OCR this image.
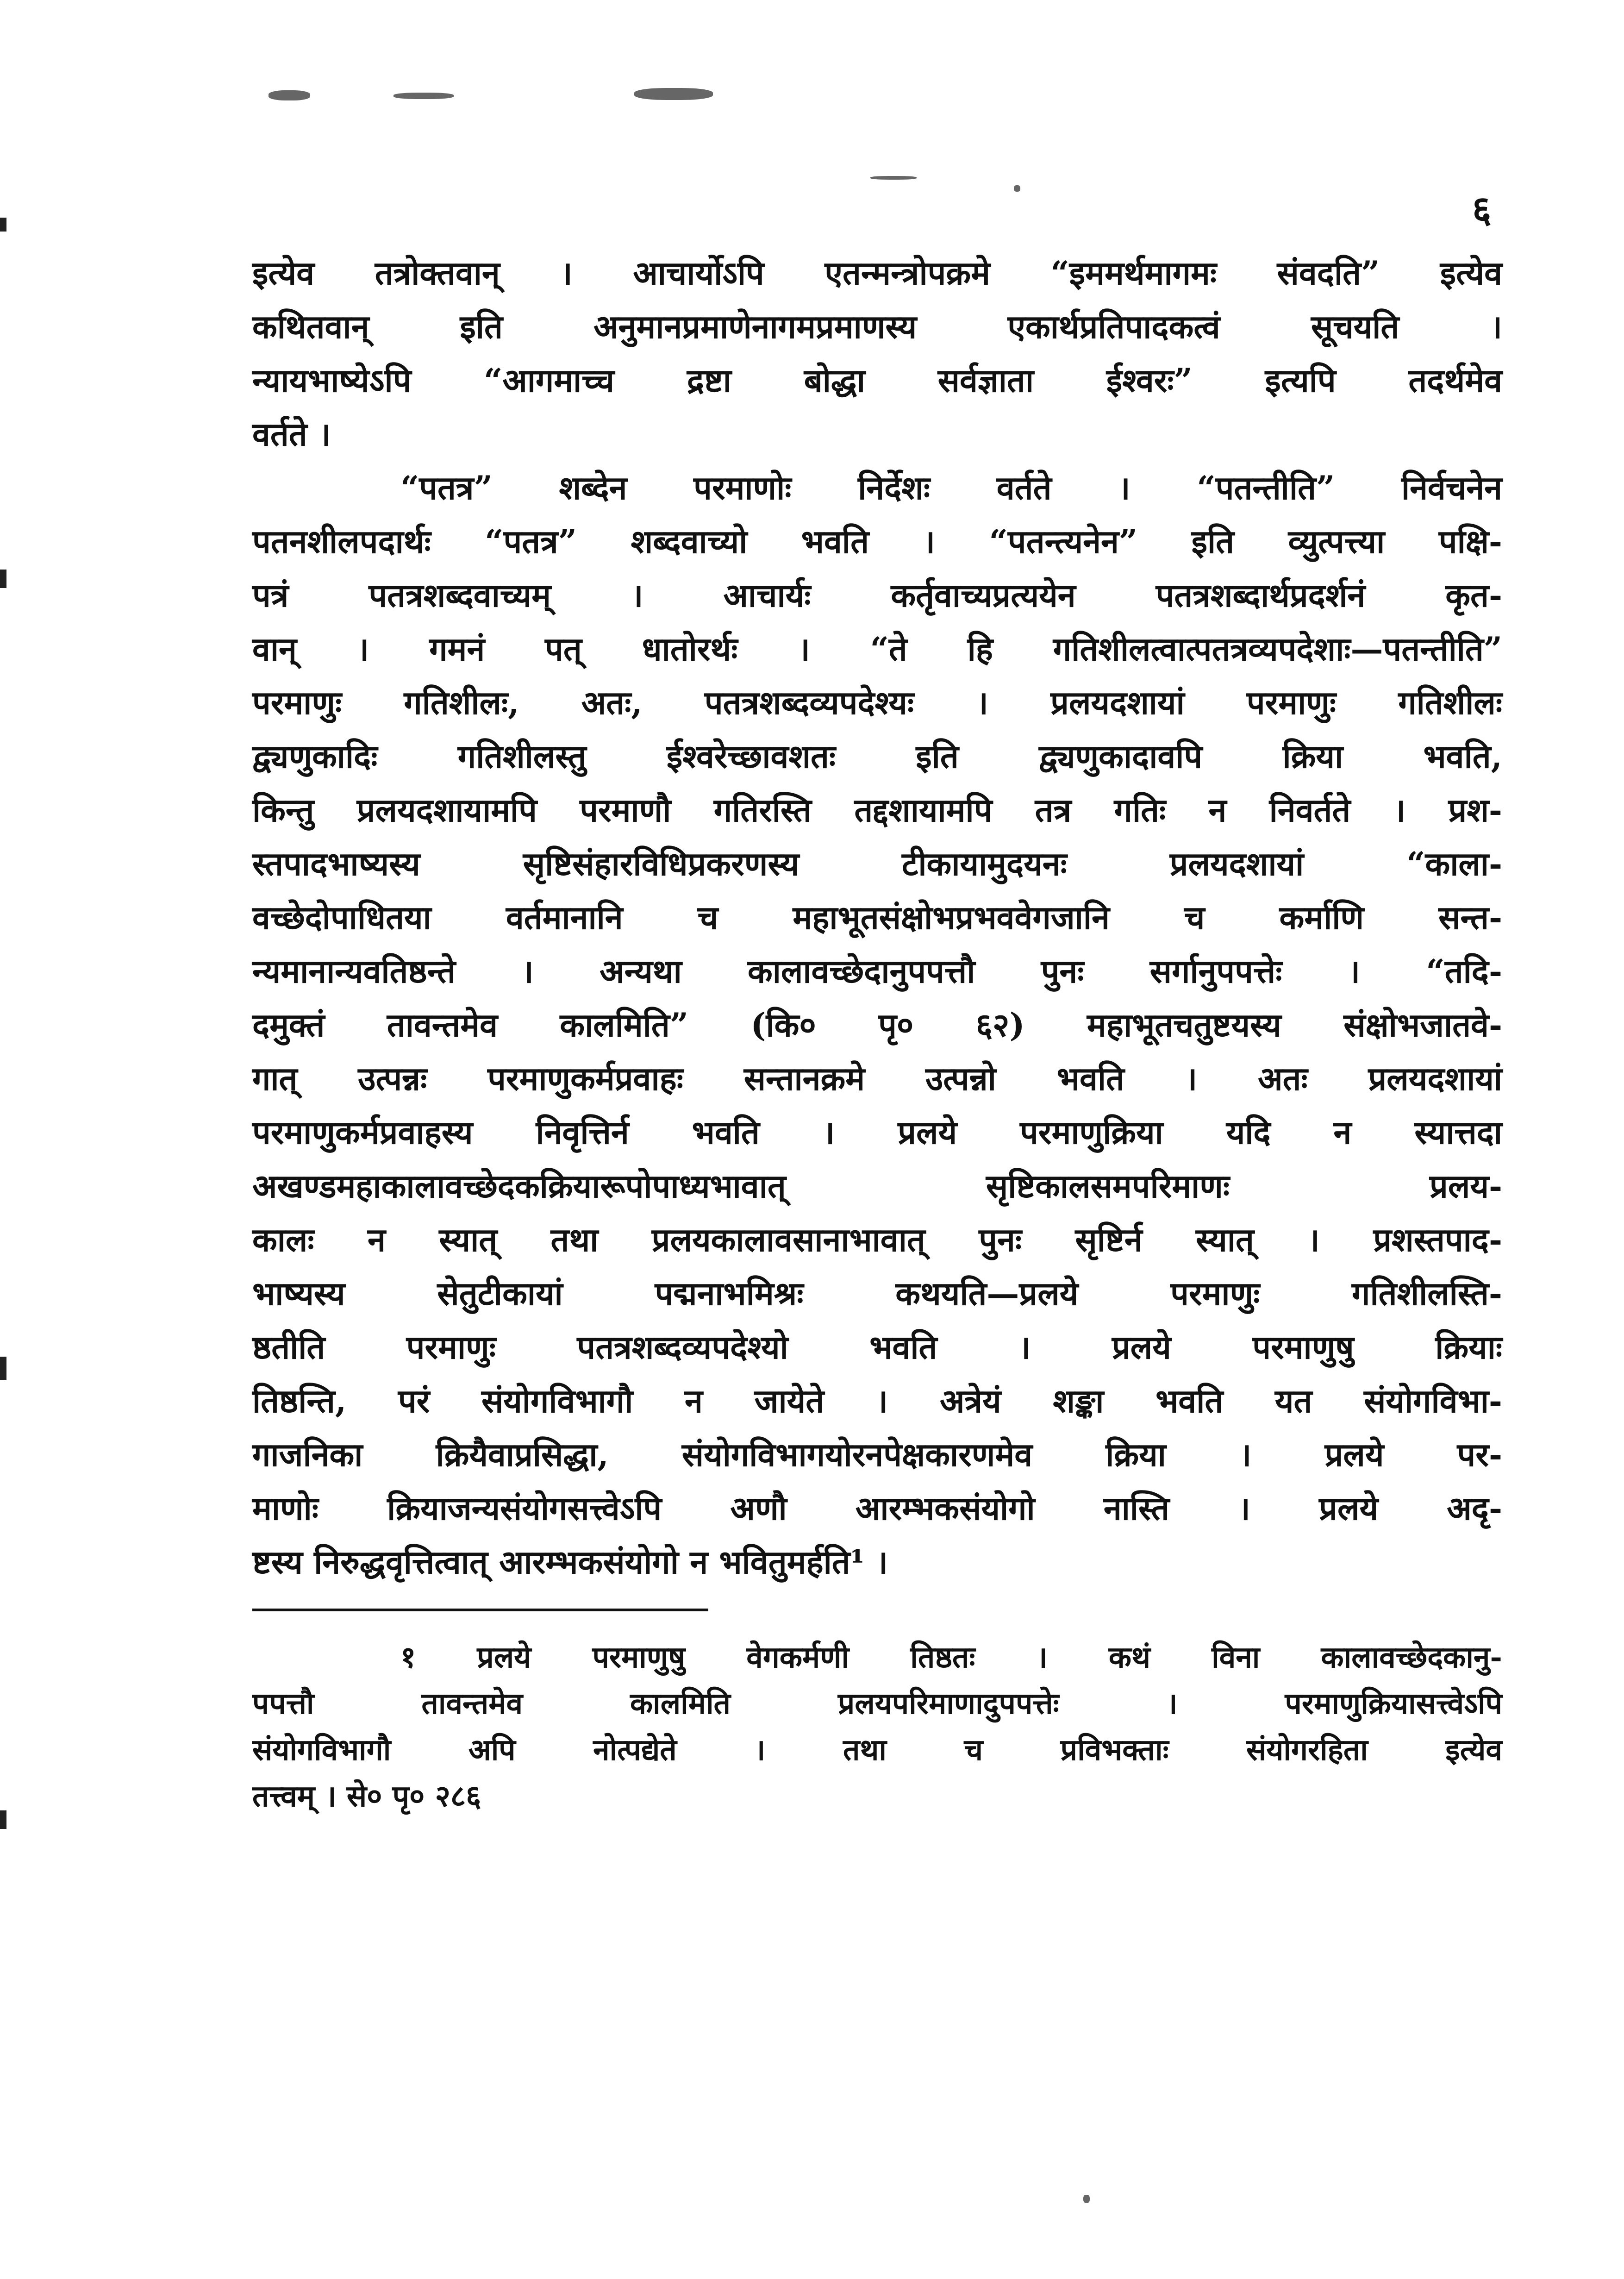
६
इत्येव तत्रोक्तवान् । आचार्योऽपि एतन्मन्त्रोपक्रमे “इममर्थमागमः संवदति” इत्येव
कथितवान् इति अनुमानप्रमाणेनागमप्रमाणस्य एकार्थप्रतिपादकत्वं सूचयति ।
न्यायभाष्येऽपि “आगमाच्च द्रष्टा बोद्धा सर्वज्ञाता ईश्वरः” इत्यपि तदर्थमेव
वर्तते ।
“पतत्र” शब्देन परमाणोः निर्देशः वर्तते । “पतन्तीति” निर्वचनेन
पतनशीलपदार्थः “पतत्र” शब्दवाच्यो भवति । “पतन्त्यनेन” इति व्युत्पत्त्या पक्षि-
पत्रं पतत्रशब्दवाच्यम् । आचार्यः कर्तृवाच्यप्रत्ययेन पतत्रशब्दार्थप्रदर्शनं कृत-
वान् । गमनं पत् धातोरर्थः । “ते हि गतिशीलत्वात्पतत्रव्यपदेशाः—पतन्तीति”
परमाणुः गतिशीलः, अतः, पतत्रशब्दव्यपदेश्यः । प्रलयदशायां परमाणुः गतिशीलः
द्व्यणुकादिः गतिशीलस्तु ईश्वरेच्छावशतः इति द्व्यणुकादावपि क्रिया भवति,
किन्तु प्रलयदशायामपि परमाणौ गतिरस्ति तद्दशायामपि तत्र गतिः न निवर्तते । प्रश-
स्तपादभाष्यस्य सृष्टिसंहारविधिप्रकरणस्य टीकायामुदयनः प्रलयदशायां “काला-
वच्छेदोपाधितया वर्तमानानि च महाभूतसंक्षोभप्रभववेगजानि च कर्माणि सन्त-
न्यमानान्यवतिष्ठन्ते । अन्यथा कालावच्छेदानुपपत्तौ पुनः सर्गानुपपत्तेः । “तदि-
दमुक्तं तावन्तमेव कालमिति” (कि० पृ० ६२) महाभूतचतुष्टयस्य संक्षोभजातवे-
गात् उत्पन्नः परमाणुकर्मप्रवाहः सन्तानक्रमे उत्पन्नो भवति । अतः प्रलयदशायां
परमाणुकर्मप्रवाहस्य निवृत्तिर्न भवति । प्रलये परमाणुक्रिया यदि न स्यात्तदा
अखण्डमहाकालावच्छेदकक्रियारूपोपाध्यभावात् सृष्टिकालसमपरिमाणः प्रलय-
कालः न स्यात् तथा प्रलयकालावसानाभावात् पुनः सृष्टिर्न स्यात् । प्रशस्तपाद-
भाष्यस्य सेतुटीकायां पद्मनाभमिश्रः कथयति—प्रलये परमाणुः गतिशीलस्ति-
ष्ठतीति परमाणुः पतत्रशब्दव्यपदेश्यो भवति । प्रलये परमाणुषु क्रियाः
तिष्ठन्ति, परं संयोगविभागौ न जायेते । अत्रेयं शङ्का भवति यत संयोगविभा-
गाजनिका क्रियैवाप्रसिद्धा, संयोगविभागयोरनपेक्षकारणमेव क्रिया । प्रलये पर-
माणोः क्रियाजन्यसंयोगसत्त्वेऽपि अणौ आरम्भकसंयोगो नास्ति । प्रलये अदृ-
ष्टस्य निरुद्धवृत्तित्वात् आरम्भकसंयोगो न भवितुमर्हति¹ ।
१ प्रलये परमाणुषु वेगकर्मणी तिष्ठतः । कथं विना कालावच्छेदकानु-
पपत्तौ तावन्तमेव कालमिति प्रलयपरिमाणादुपपत्तेः । परमाणुक्रियासत्त्वेऽपि
संयोगविभागौ अपि नोत्पद्येते । तथा च प्रविभक्ताः संयोगरहिता इत्येव
तत्त्वम् । से० पृ० २८६
